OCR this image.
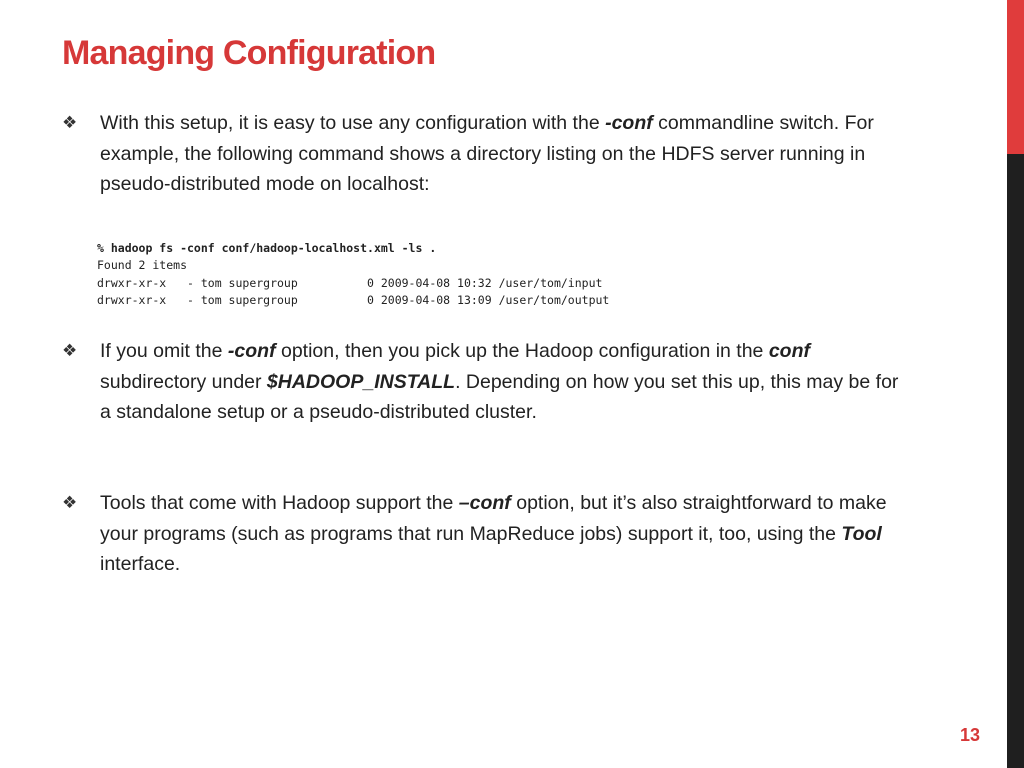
Managing Configuration
❖	With this setup, it is easy to use any configuration with the -conf commandline switch. For example, the following command shows a directory listing on the HDFS server running in pseudo-distributed mode on localhost:
% hadoop fs -conf conf/hadoop-localhost.xml -ls .
Found 2 items
drwxr-xr-x   - tom supergroup          0 2009-04-08 10:32 /user/tom/input
drwxr-xr-x   - tom supergroup          0 2009-04-08 13:09 /user/tom/output
❖	If you omit the -conf option, then you pick up the Hadoop configuration in the conf subdirectory under $HADOOP_INSTALL. Depending on how you set this up, this may be for a standalone setup or a pseudo-distributed cluster.
❖	Tools that come with Hadoop support the –conf option, but it’s also straightforward to make your programs (such as programs that run MapReduce jobs) support it, too, using the Tool interface.
13
